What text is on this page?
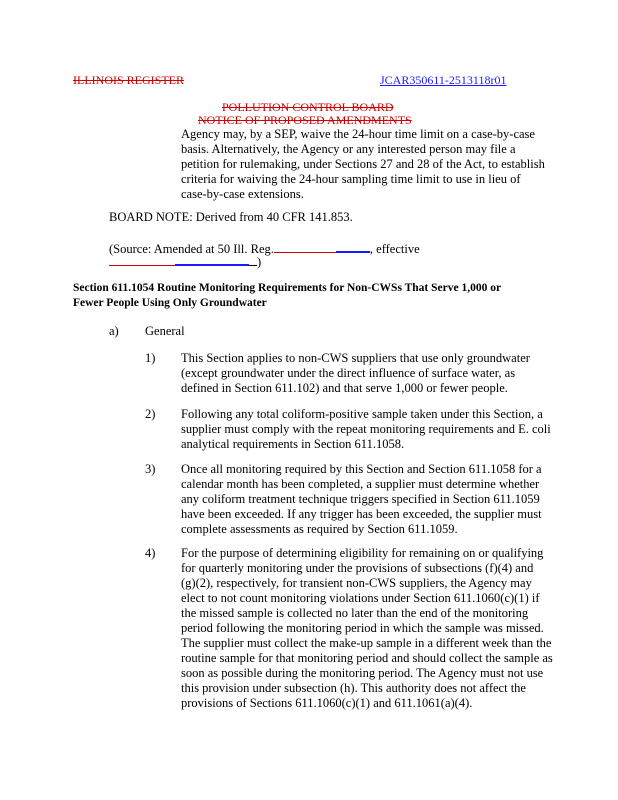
ILLINOIS REGISTER	JCAR350611-2513118r01
POLLUTION CONTROL BOARD
NOTICE OF PROPOSED AMENDMENTS
Agency may, by a SEP, waive the 24-hour time limit on a case-by-case
basis. Alternatively, the Agency or any interested person may file a
petition for rulemaking, under Sections 27 and 28 of the Act, to establish
criteria for waiving the 24-hour sampling time limit to use in lieu of
case-by-case extensions.
BOARD NOTE: Derived from 40 CFR 141.853.
(Source: Amended at 50 Ill. Reg.	, effective
)
Section 611.1054 Routine Monitoring Requirements for Non-CWSs That Serve 1,000 or
Fewer People Using Only Groundwater
a) General
1) This Section applies to non-CWS suppliers that use only groundwater
(except groundwater under the direct influence of surface water, as
defined in Section 611.102) and that serve 1,000 or fewer people.
2) Following any total coliform-positive sample taken under this Section, a
supplier must comply with the repeat monitoring requirements and E. coli
analytical requirements in Section 611.1058.
3) Once all monitoring required by this Section and Section 611.1058 for a
calendar month has been completed, a supplier must determine whether
any coliform treatment technique triggers specified in Section 611.1059
have been exceeded. If any trigger has been exceeded, the supplier must
complete assessments as required by Section 611.1059.
4) For the purpose of determining eligibility for remaining on or qualifying
for quarterly monitoring under the provisions of subsections (f)(4) and
(g)(2), respectively, for transient non-CWS suppliers, the Agency may
elect to not count monitoring violations under Section 611.1060(c)(1) if
the missed sample is collected no later than the end of the monitoring
period following the monitoring period in which the sample was missed.
The supplier must collect the make-up sample in a different week than the
routine sample for that monitoring period and should collect the sample as
soon as possible during the monitoring period. The Agency must not use
this provision under subsection (h). This authority does not affect the
provisions of Sections 611.1060(c)(1) and 611.1061(a)(4).
